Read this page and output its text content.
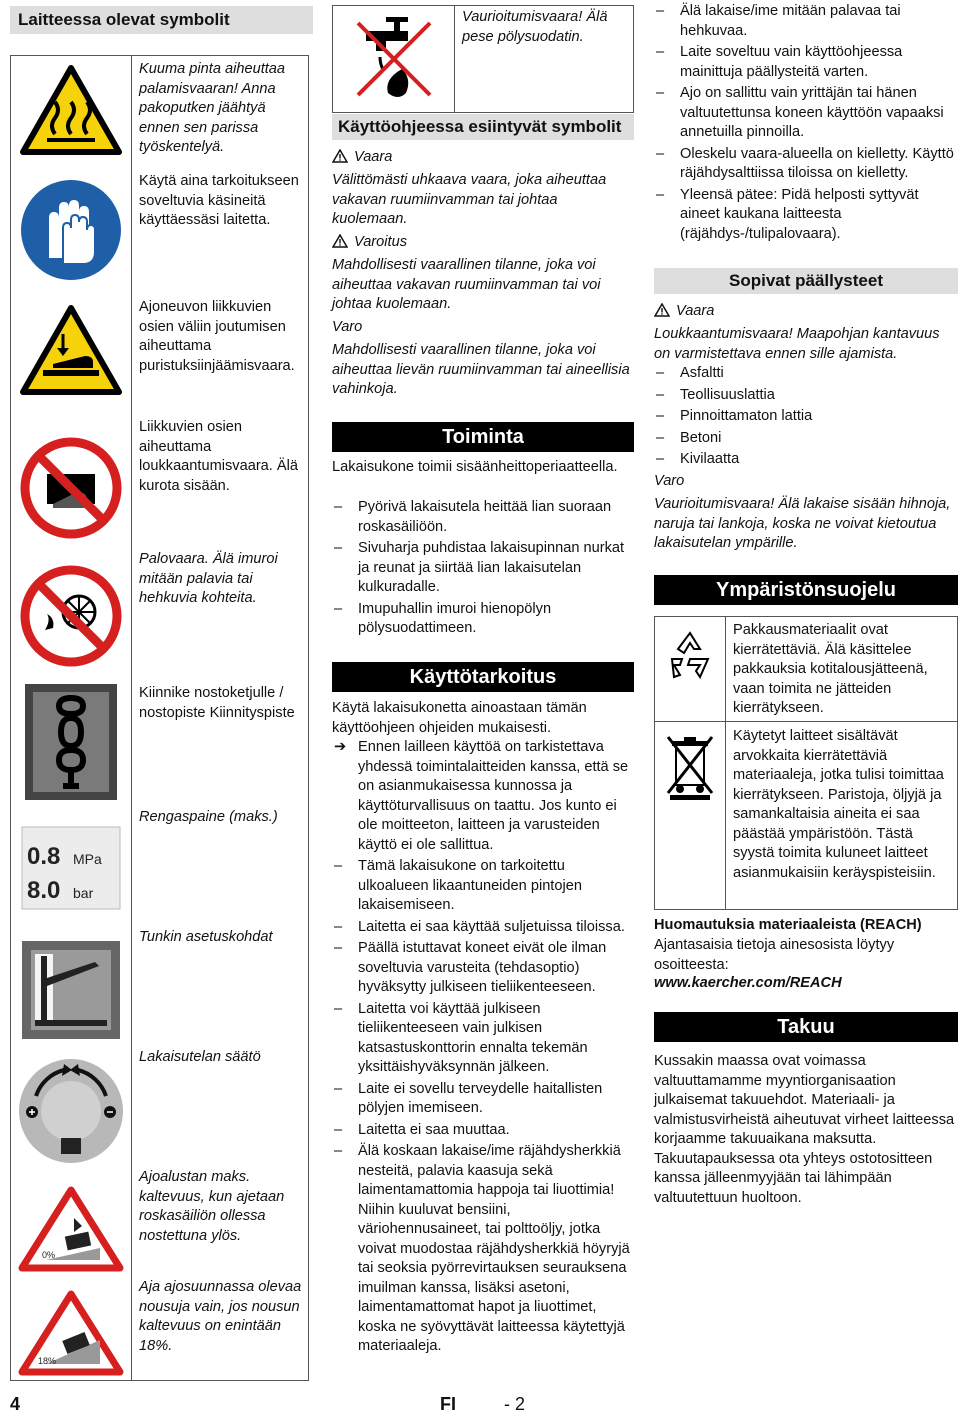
Laitteessa olevat symbolit
Kuuma pinta aiheuttaa palamisvaaran! Anna pakoputken jäähtyä ennen sen parissa työskentelyä.
Käytä aina tarkoitukseen soveltuvia käsineitä käyttäessäsi laitetta.
Ajoneuvon liikkuvien osien väliin joutumisen aiheuttama puristuksiinjäämisvaara.
Liikkuvien osien aiheuttama loukkaantumisvaara. Älä kurota sisään.
Palovaara. Älä imuroi mitään palavia tai hehkuvia kohteita.
Kiinnike nostoketjulle / nostopiste Kiinnityspiste
0.8 MPa
8.0 bar
Rengaspaine (maks.)
Tunkin asetuskohdat
Lakaisutelan säätö
0%
Ajoalustan maks. kaltevuus, kun ajetaan roskasäiliön ollessa nostettuna ylös.
18%
Aja ajosuunnassa olevaa nousuja vain, jos nousun kaltevuus on enintään 18%.
Vaurioitumisvaara! Älä pese pölysuodatin.
Käyttöohjeessa esiintyvät symbolit
Vaara
Välittömästi uhkaava vaara, joka aiheuttaa vakavan ruumiinvamman tai johtaa kuolemaan.
Varoitus
Mahdollisesti vaarallinen tilanne, joka voi aiheuttaa vakavan ruumiinvamman tai voi johtaa kuolemaan.
Varo
Mahdollisesti vaarallinen tilanne, joka voi aiheuttaa lievän ruumiinvamman tai aineellisia vahinkoja.
Toiminta
Lakaisukone toimii sisäänheittoperiaatteella.
– Pyörivä lakaisutela heittää lian suoraan roskasäiliöön.
– Sivuharja puhdistaa lakaisupinnan nurkat ja reunat ja siirtää lian lakaisutelan kulkuradalle.
– Imupuhallin imuroi hienopölyn pölysuodattimeen.
Käyttötarkoitus
Käytä lakaisukonetta ainoastaan tämän käyttöohjeen ohjeiden mukaisesti.
➔ Ennen lailleen käyttöä on tarkistettava yhdessä toimintalaitteiden kanssa, että se on asianmukaisessa kunnossa ja käyttöturvallisuus on taattu. Jos kunto ei ole moitteeton, laitteen ja varusteiden käyttö ei ole sallittua.
– Tämä lakaisukone on tarkoitettu ulkoalueen likaantuneiden pintojen lakaisemiseen.
– Laitetta ei saa käyttää suljetuissa tiloissa.
– Päällä istuttavat koneet eivät ole ilman soveltuvia varusteita (tehdasoptio) hyväksytty julkiseen tieliikenteeseen.
– Laitetta voi käyttää julkiseen tieliikenteeseen vain julkisen katsastuskonttorin ennalta tekemän yksittäishyväksynnän jälkeen.
– Laite ei sovellu terveydelle haitallisten pölyjen imemiseen.
– Laitetta ei saa muuttaa.
– Älä koskaan lakaise/ime räjähdysherkkiä nesteitä, palavia kaasuja sekä laimentamattomia happoja tai liuottimia! Niihin kuuluvat bensiini, väriohennusaineet, tai polttoöljy, jotka voivat muodostaa räjähdysherkkiä höyryjä tai seoksia pyörrevirtauksen seurauksena imuilman kanssa, lisäksi asetoni, laimentamattomat hapot ja liuottimet, koska ne syövyttävät laitteessa käytettyjä materiaaleja.
– Älä lakaise/ime mitään palavaa tai hehkuvaa.
– Laite soveltuu vain käyttöohjeessa mainittuja päällysteitä varten.
– Ajo on sallittu vain yrittäjän tai hänen valtuutettunsa koneen käyttöön vapaaksi annetuilla pinnoilla.
– Oleskelu vaara-alueella on kielletty. Käyttö räjähdysalttiissa tiloissa on kielletty.
– Yleensä pätee: Pidä helposti syttyvät aineet kaukana laitteesta (räjähdys-/tulipalovaara).
Sopivat päällysteet
Vaara
Loukkaantumisvaara! Maapohjan kantavuus on varmistettava ennen sille ajamista.
– Asfaltti
– Teollisuuslattia
– Pinnoittamaton lattia
– Betoni
– Kivilaatta
Varo
Vaurioitumisvaara! Älä lakaise sisään hihnoja, naruja tai lankoja, koska ne voivat kietoutua lakaisutelan ympärille.
Ympäristönsuojelu
Pakkausmateriaalit ovat kierrätettäviä. Älä käsittelee pakkauksia kotitalousjätteenä, vaan toimita ne jätteiden kierrätykseen.
Käytetyt laitteet sisältävät arvokkaita kierrätettäviä materiaaleja, jotka tulisi toimittaa kierrätykseen. Paristoja, öljyjä ja samankaltaisia aineita ei saa päästää ympäristöön. Tästä syystä toimita kuluneet laitteet asianmukaisiin keräyspisteisiin.
Huomautuksia materiaaleista (REACH)
Ajantasaisia tietoja ainesosista löytyy osoitteesta:
www.kaercher.com/REACH
Takuu
Kussakin maassa ovat voimassa valtuuttamamme myyntiorganisaation julkaisemat takuuehdot. Materiaali- ja valmistusvirheistä aiheutuvat virheet laitteessa korjaamme takuuaikana maksutta. Takuutapauksessa ota yhteys ostotositteen kanssa jälleenmyyjään tai lähimpään valtuutettuun huoltoon.
4	FI	- 2
